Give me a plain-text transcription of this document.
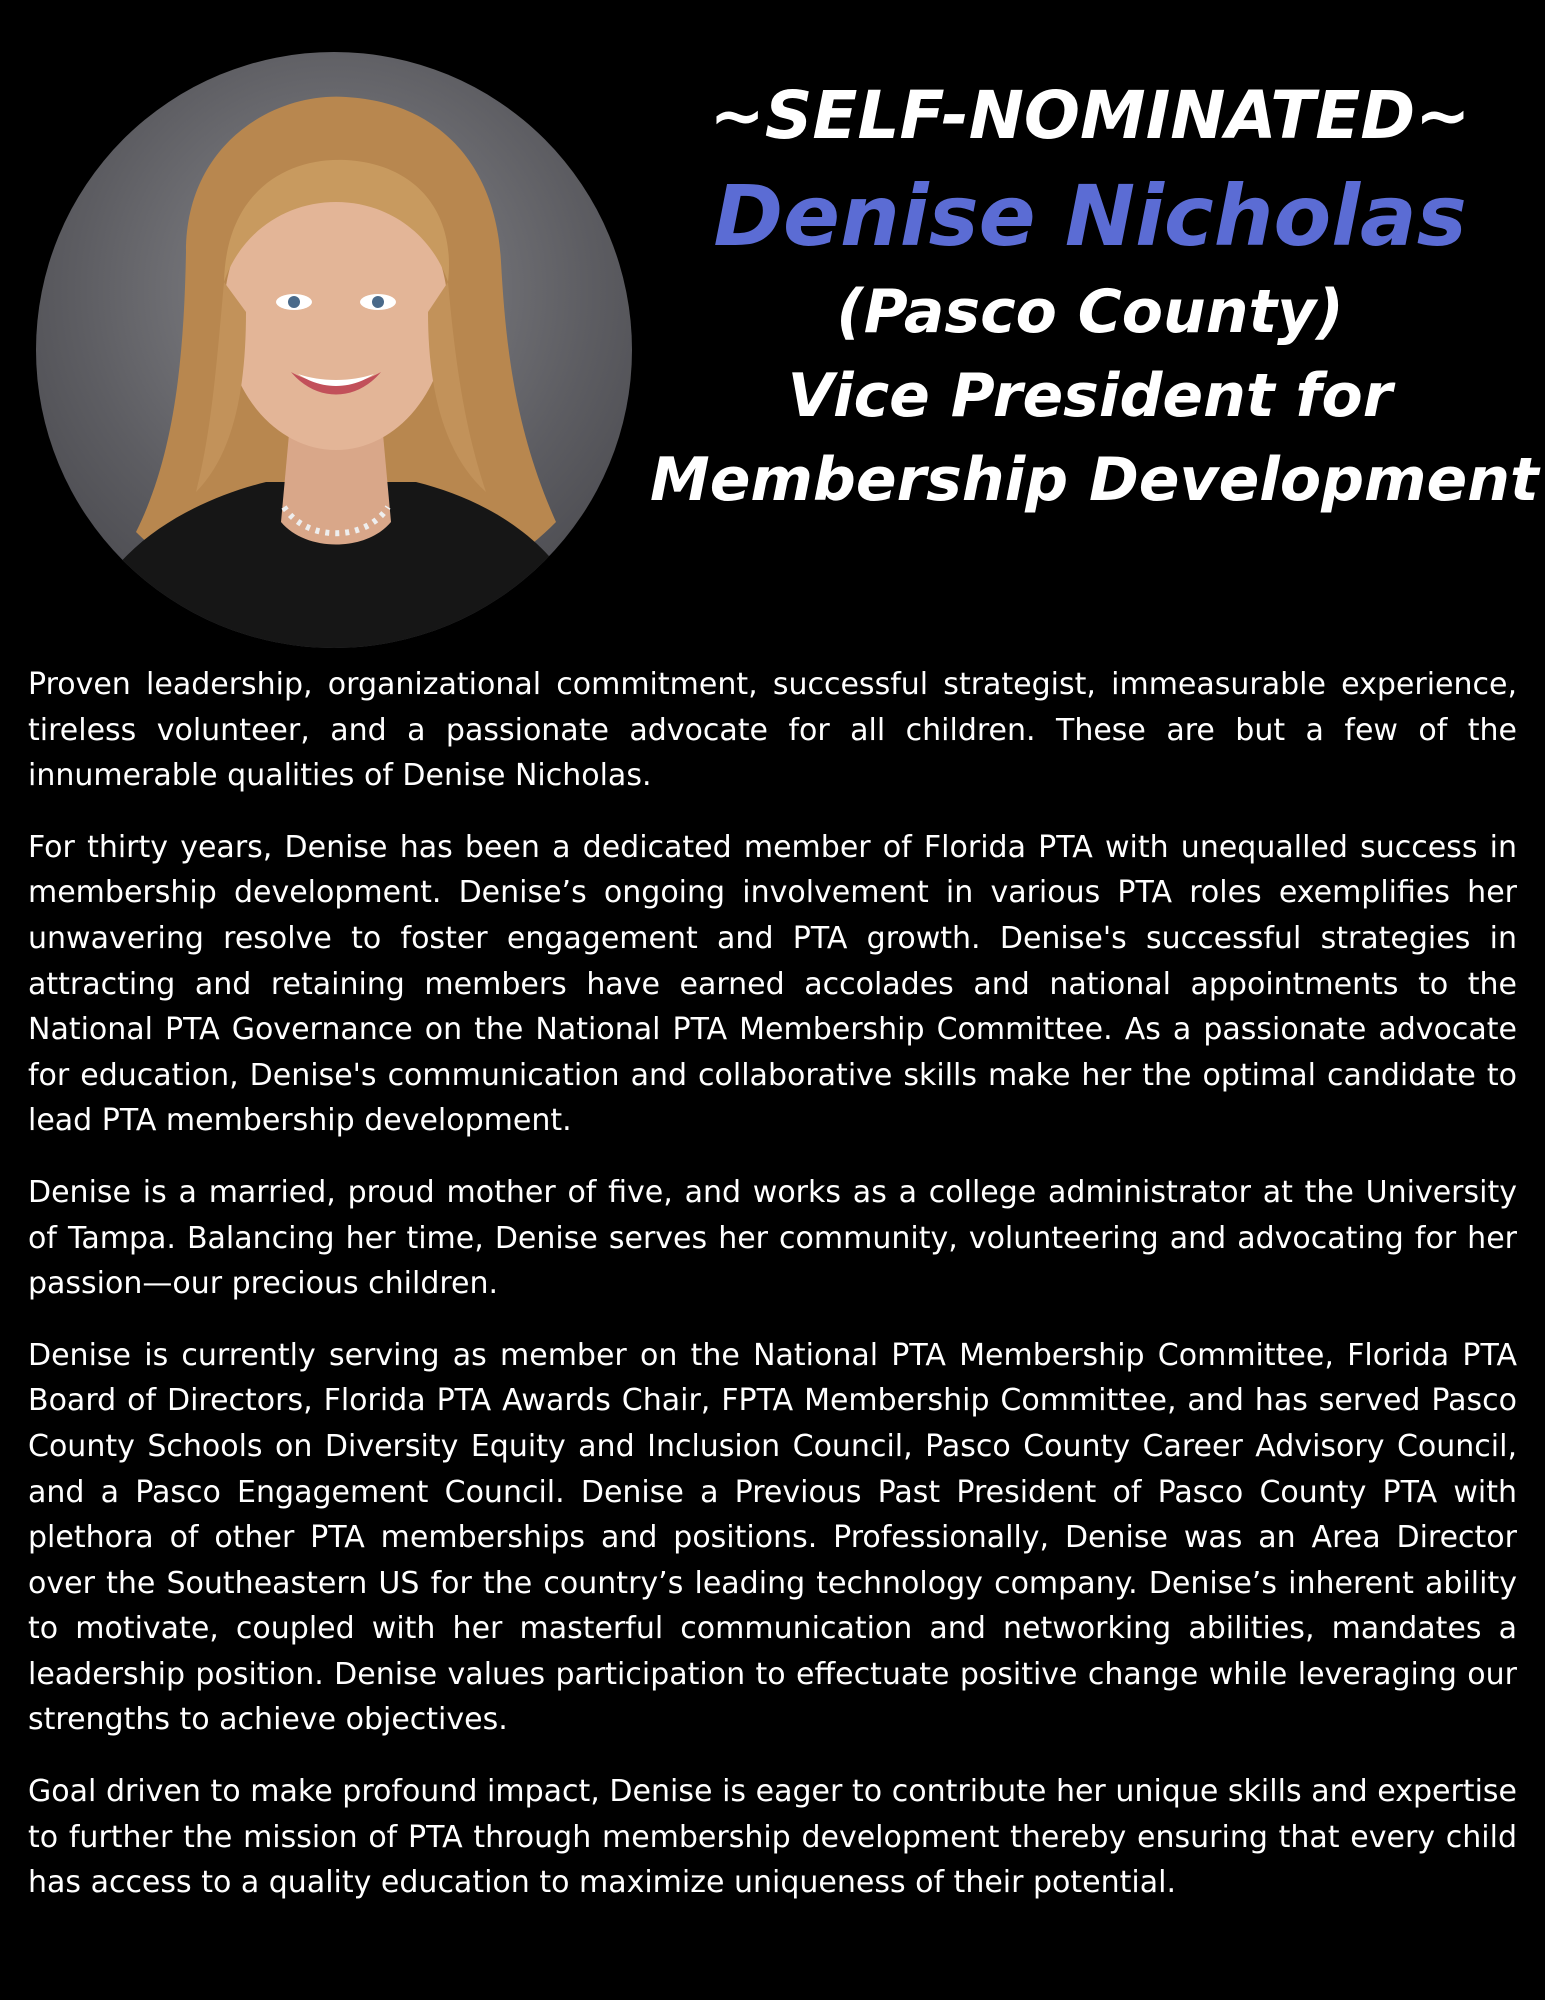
~SELF-NOMINATED~
Denise Nicholas
(Pasco County)
Vice President for
Membership Development

Proven leadership, organizational commitment, successful strategist, immeasurable experience, tireless volunteer, and a passionate advocate for all children. These are but a few of the innumerable qualities of Denise Nicholas.

For thirty years, Denise has been a dedicated member of Florida PTA with unequalled success in membership development. Denise’s ongoing involvement in various PTA roles exemplifies her unwavering resolve to foster engagement and PTA growth. Denise's successful strategies in attracting and retaining members have earned accolades and national appointments to the National PTA Governance on the National PTA Membership Committee. As a passionate advocate for education, Denise's communication and collaborative skills make her the optimal candidate to lead PTA membership development.

Denise is a married, proud mother of five, and works as a college administrator at the University of Tampa. Balancing her time, Denise serves her community, volunteering and advocating for her passion—our precious children.

Denise is currently serving as member on the National PTA Membership Committee, Florida PTA Board of Directors, Florida PTA Awards Chair, FPTA Membership Committee, and has served Pasco County Schools on Diversity Equity and Inclusion Council, Pasco County Career Advisory Council, and a Pasco Engagement Council. Denise a Previous Past President of Pasco County PTA with plethora of other PTA memberships and positions. Professionally, Denise was an Area Director over the Southeastern US for the country’s leading technology company. Denise’s inherent ability to motivate, coupled with her masterful communication and networking abilities, mandates a leadership position. Denise values participation to effectuate positive change while leveraging our strengths to achieve objectives.

Goal driven to make profound impact, Denise is eager to contribute her unique skills and expertise to further the mission of PTA through membership development thereby ensuring that every child has access to a quality education to maximize uniqueness of their potential.
